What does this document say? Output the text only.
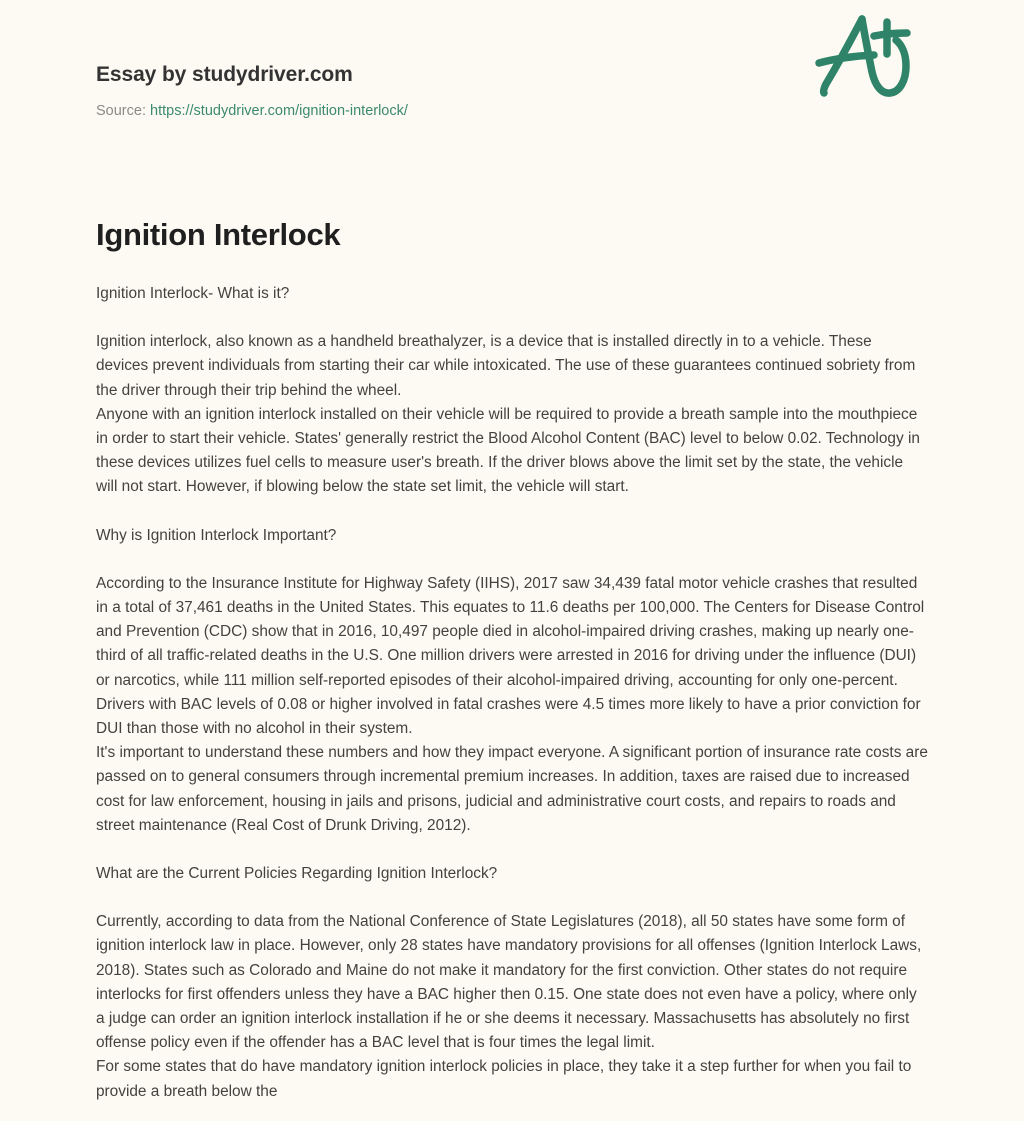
Essay by studydriver.com
Source: https://studydriver.com/ignition-interlock/
Ignition Interlock
Ignition Interlock- What is it?

Ignition interlock, also known as a handheld breathalyzer, is a device that is installed directly in to a vehicle. These devices prevent individuals from starting their car while intoxicated. The use of these guarantees continued sobriety from the driver through their trip behind the wheel.

Anyone with an ignition interlock installed on their vehicle will be required to provide a breath sample into the mouthpiece in order to start their vehicle. States' generally restrict the Blood Alcohol Content (BAC) level to below 0.02. Technology in these devices utilizes fuel cells to measure user's breath. If the driver blows above the limit set by the state, the vehicle will not start. However, if blowing below the state set limit, the vehicle will start.

Why is Ignition Interlock Important?

According to the Insurance Institute for Highway Safety (IIHS), 2017 saw 34,439 fatal motor vehicle crashes that resulted in a total of 37,461 deaths in the United States. This equates to 11.6 deaths per 100,000. The Centers for Disease Control and Prevention (CDC) show that in 2016, 10,497 people died in alcohol-impaired driving crashes, making up nearly one-third of all traffic-related deaths in the U.S. One million drivers were arrested in 2016 for driving under the influence (DUI) or narcotics, while 111 million self-reported episodes of their alcohol-impaired driving, accounting for only one-percent. Drivers with BAC levels of 0.08 or higher involved in fatal crashes were 4.5 times more likely to have a prior conviction for DUI than those with no alcohol in their system.

It's important to understand these numbers and how they impact everyone. A significant portion of insurance rate costs are passed on to general consumers through incremental premium increases. In addition, taxes are raised due to increased cost for law enforcement, housing in jails and prisons, judicial and administrative court costs, and repairs to roads and street maintenance (Real Cost of Drunk Driving, 2012).

What are the Current Policies Regarding Ignition Interlock?

Currently, according to data from the National Conference of State Legislatures (2018), all 50 states have some form of ignition interlock law in place. However, only 28 states have mandatory provisions for all offenses (Ignition Interlock Laws, 2018). States such as Colorado and Maine do not make it mandatory for the first conviction. Other states do not require interlocks for first offenders unless they have a BAC higher then 0.15. One state does not even have a policy, where only a judge can order an ignition interlock installation if he or she deems it necessary. Massachusetts has absolutely no first offense policy even if the offender has a BAC level that is four times the legal limit.

For some states that do have mandatory ignition interlock policies in place, they take it a step further for when you fail to provide a breath below the
